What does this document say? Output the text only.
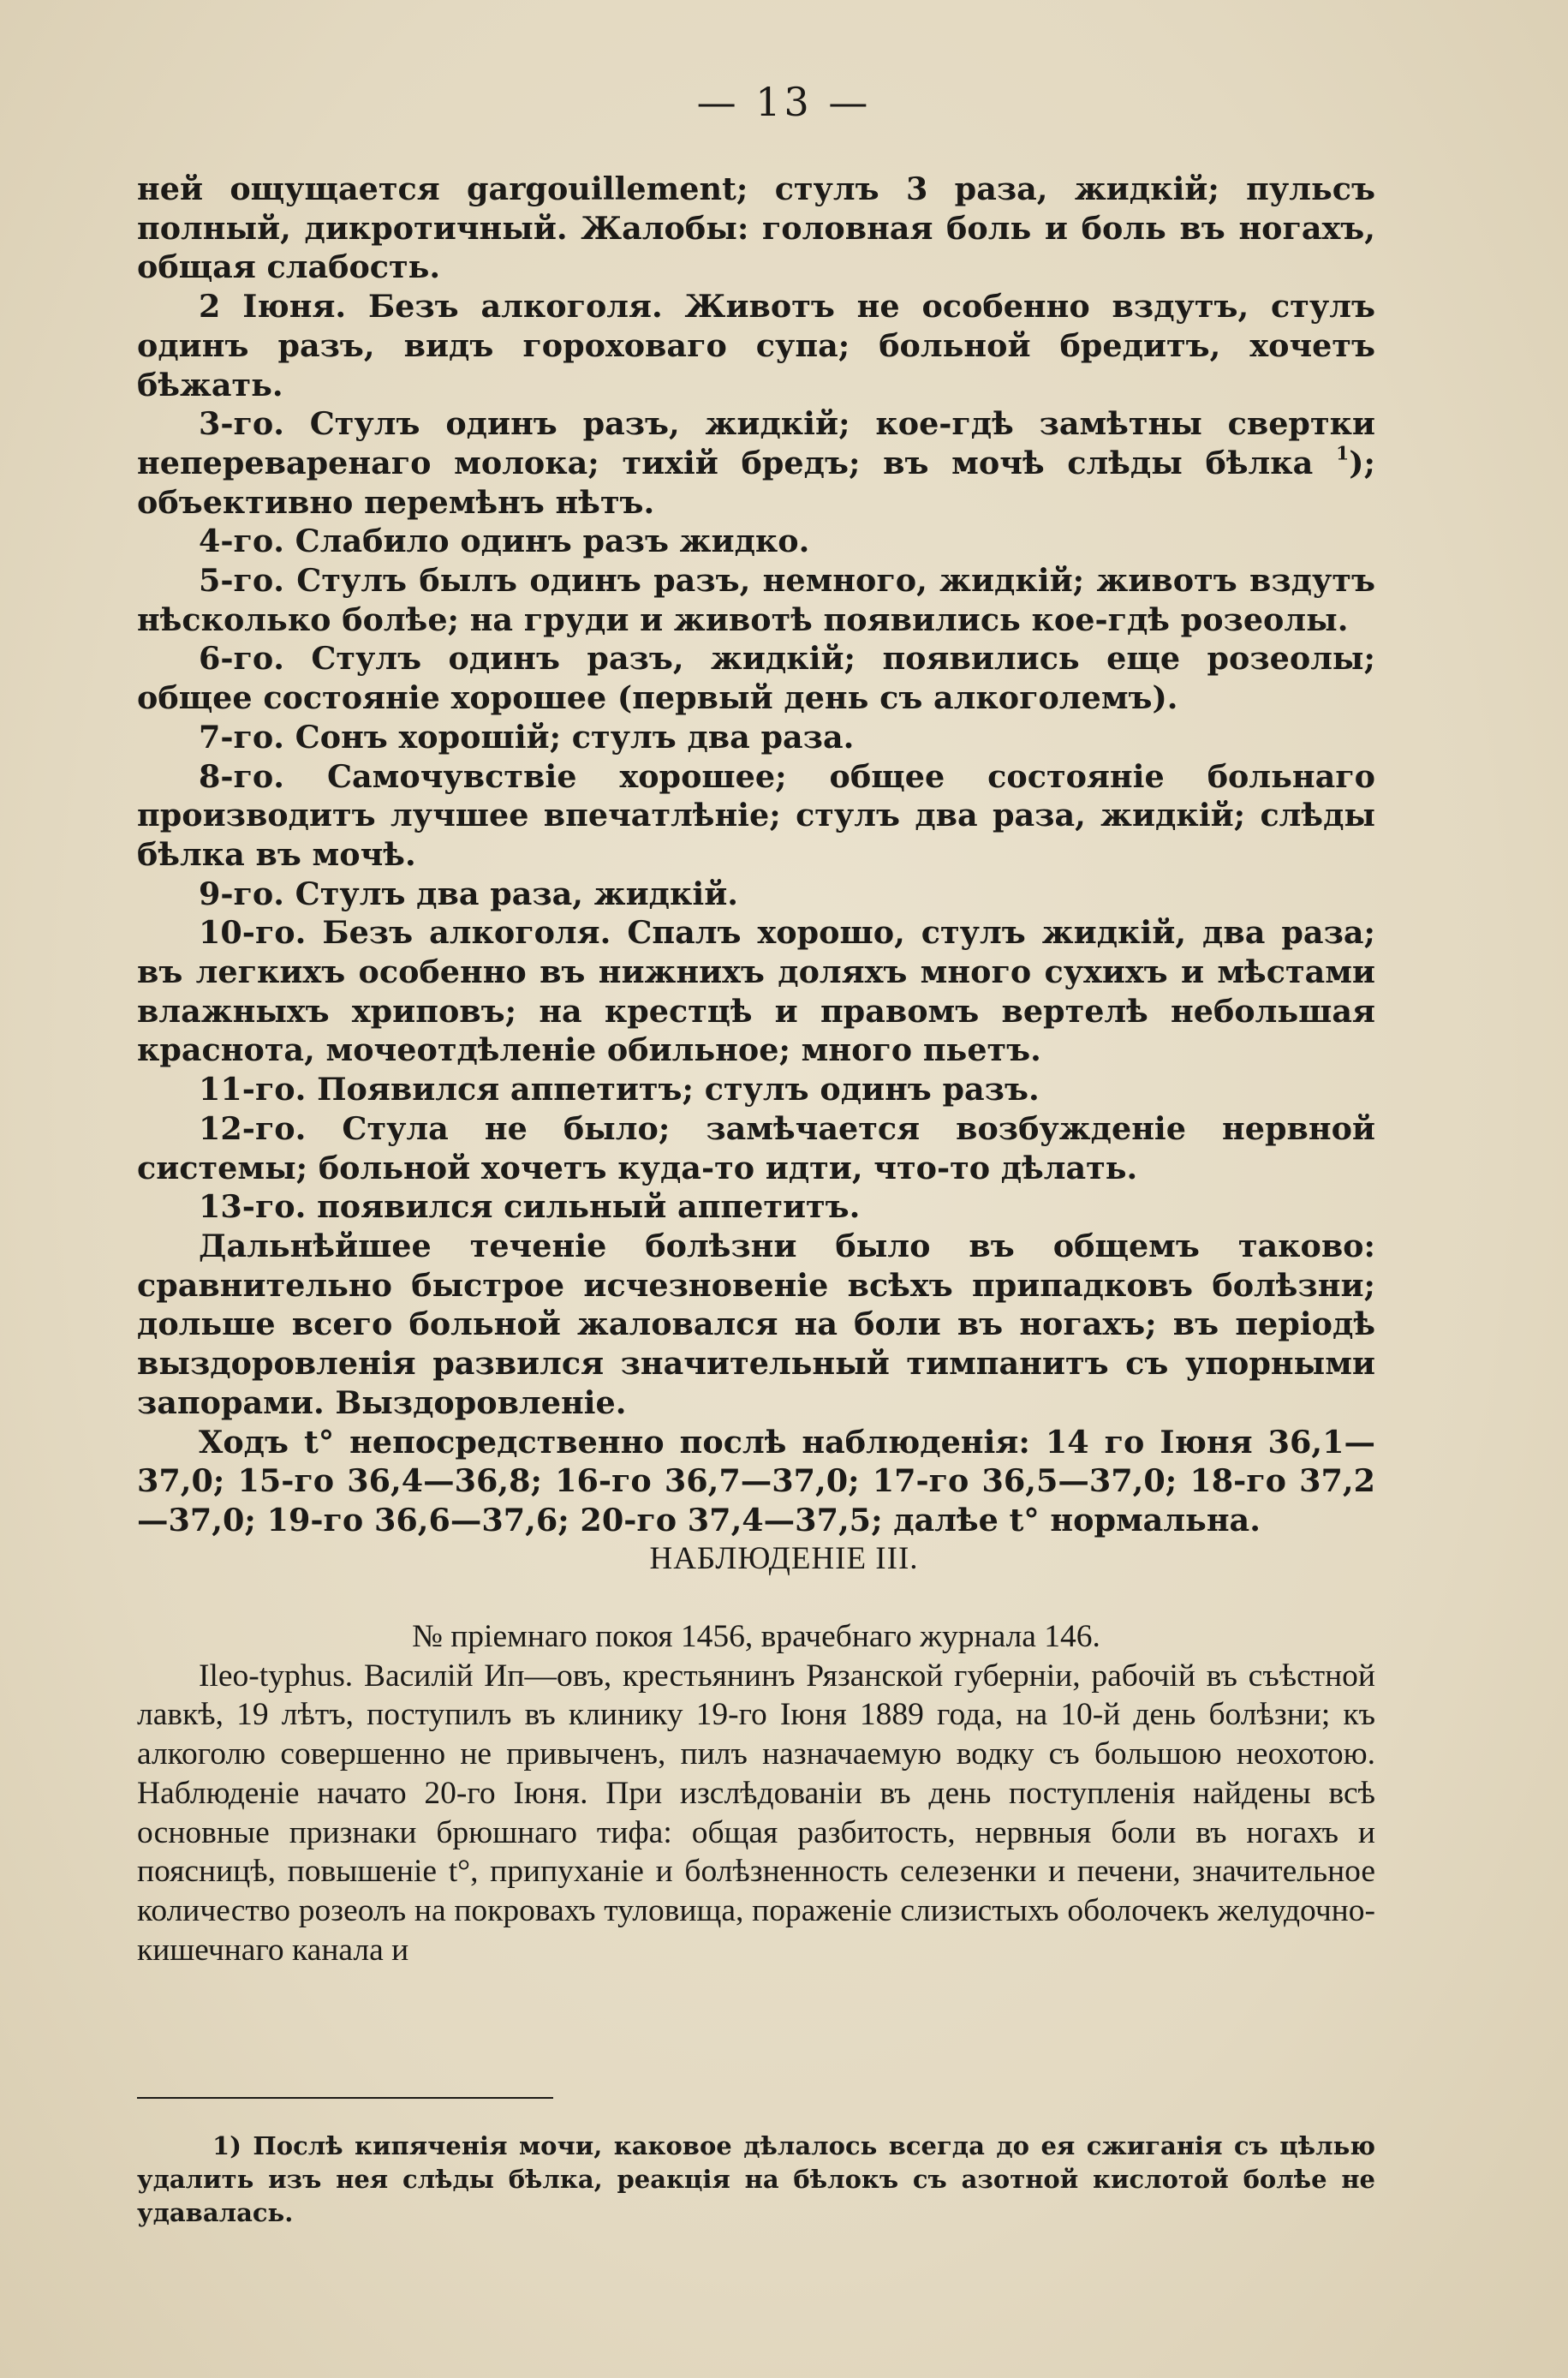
— 13 —

ней ощущается gargouillement; стулъ 3 раза, жидкій; пульсъ полный, дикротичный. Жалобы: головная боль и боль въ ногахъ, общая слабость.

2 Іюня. Безъ алкоголя. Животъ не особенно вздутъ, стулъ одинъ разъ, видъ гороховаго супа; больной бредитъ, хочетъ бѣжать.

3-го. Стулъ одинъ разъ, жидкій; кое-гдѣ замѣтны свертки непереваренаго молока; тихій бредъ; въ мочѣ слѣды бѣлка $^1$); объективно перемѣнъ нѣтъ.

4-го. Слабило одинъ разъ жидко.

5-го. Стулъ былъ одинъ разъ, немного, жидкій; животъ вздутъ нѣсколько болѣе; на груди и животѣ появились кое-гдѣ розеолы.

6-го. Стулъ одинъ разъ, жидкій; появились еще розеолы; общее состояніе хорошее (первый день съ алкоголемъ).

7-го. Сонъ хорошій; стулъ два раза.

8-го. Самочувствіе хорошее; общее состояніе больнаго производитъ лучшее впечатлѣніе; стулъ два раза, жидкій; слѣды бѣлка въ мочѣ.

9-го. Стулъ два раза, жидкій.

10-го. Безъ алкоголя. Спалъ хорошо, стулъ жидкій, два раза; въ легкихъ особенно въ нижнихъ доляхъ много сухихъ и мѣстами влажныхъ хриповъ; на крестцѣ и правомъ вертелѣ небольшая краснота, мочеотдѣленіе обильное; много пьетъ.

11-го. Появился аппетитъ; стулъ одинъ разъ.

12-го. Стула не было; замѣчается возбужденіе нервной системы; больной хочетъ куда-то идти, что-то дѣлать.

13-го. появился сильный аппетитъ.

Дальнѣйшее теченіе болѣзни было въ общемъ таково: сравнительно быстрое исчезновеніе всѣхъ припадковъ болѣзни; дольше всего больной жаловался на боли въ ногахъ; въ періодѣ выздоровленія развился значительный тимпанитъ съ упорными запорами. Выздоровленіе.

Ходъ t° непосредственно послѣ наблюденія: 14 го Іюня 36,1—37,0; 15-го 36,4—36,8; 16-го 36,7—37,0; 17-го 36,5—37,0; 18-го 37,2—37,0; 19-го 36,6—37,6; 20-го 37,4—37,5; далѣе t° нормальна.

НАБЛЮДЕНІЕ III.

№ пріемнаго покоя 1456, врачебнаго журнала 146.

Ileo-typhus. Василій Ип—овъ, крестьянинъ Рязанской губерніи, рабочій въ съѣстной лавкѣ, 19 лѣтъ, поступилъ въ клинику 19-го Іюня 1889 года, на 10-й день болѣзни; къ алкоголю совершенно не привыченъ, пилъ назначаемую водку съ большою неохотою. Наблюденіе начато 20-го Іюня. При изслѣдованіи въ день поступленія найдены всѣ основные признаки брюшнаго тифа: общая разбитость, нервныя боли въ ногахъ и поясницѣ, повышеніе t°, припуханіе и болѣзненность селезенки и печени, значительное количество розеолъ на покровахъ туловища, пораженіе слизистыхъ оболочекъ желудочно-кишечнаго канала и

1) Послѣ кипяченія мочи, каковое дѣлалось всегда до ея сжиганія съ цѣлью удалить изъ нея слѣды бѣлка, реакція на бѣлокъ съ азотной кислотой болѣе не удавалась.
